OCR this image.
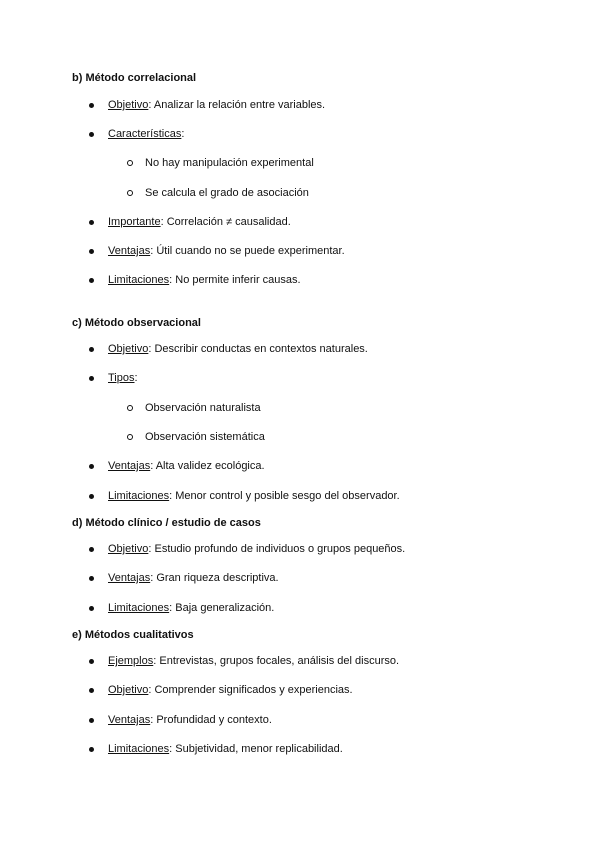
b) Método correlacional
Objetivo: Analizar la relación entre variables.
Características:
No hay manipulación experimental
Se calcula el grado de asociación
Importante: Correlación ≠ causalidad.
Ventajas: Útil cuando no se puede experimentar.
Limitaciones: No permite inferir causas.
c) Método observacional
Objetivo: Describir conductas en contextos naturales.
Tipos:
Observación naturalista
Observación sistemática
Ventajas: Alta validez ecológica.
Limitaciones: Menor control y posible sesgo del observador.
d) Método clínico / estudio de casos
Objetivo: Estudio profundo de individuos o grupos pequeños.
Ventajas: Gran riqueza descriptiva.
Limitaciones: Baja generalización.
e) Métodos cualitativos
Ejemplos: Entrevistas, grupos focales, análisis del discurso.
Objetivo: Comprender significados y experiencias.
Ventajas: Profundidad y contexto.
Limitaciones: Subjetividad, menor replicabilidad.
